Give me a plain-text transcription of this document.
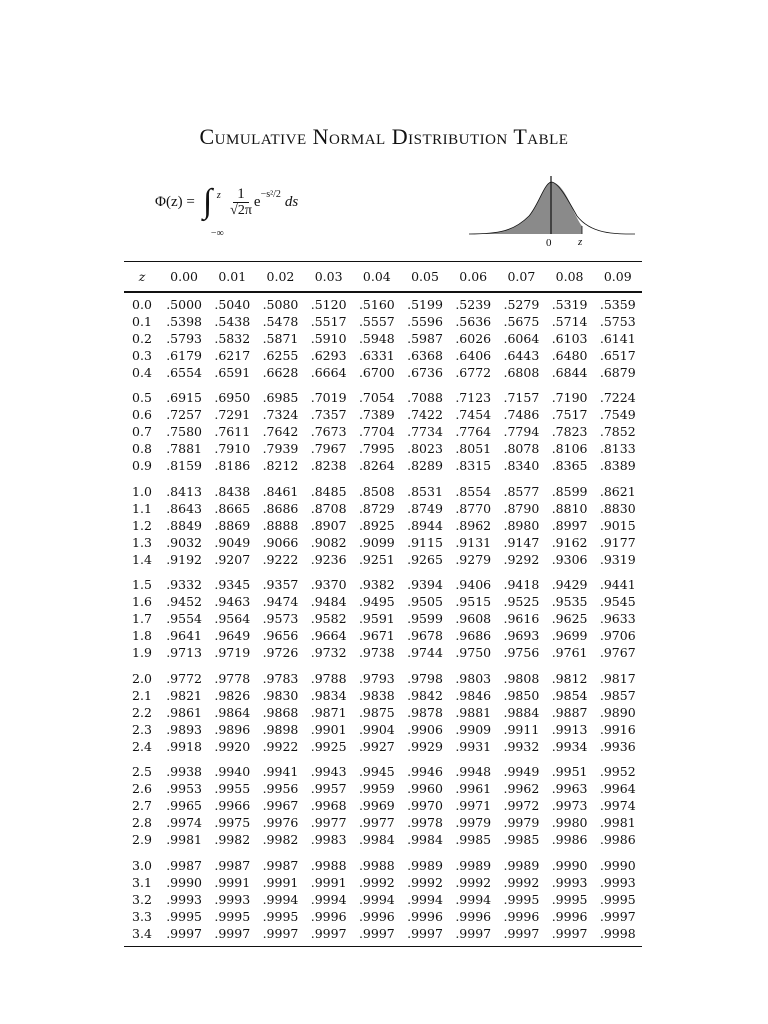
Cumulative Normal Distribution Table
Φ(z) = ∫ z
−∞
$\frac{1}{√2\pi}$ e −s²/2 ds
0 z
z	0.00	0.01	0.02	0.03	0.04	0.05	0.06	0.07	0.08	0.09
0.0	.5000 .5040 .5080 .5120 .5160 .5199 .5239 .5279 .5319 .5359
0.1	.5398 .5438 .5478 .5517 .5557 .5596 .5636 .5675 .5714 .5753
0.2	.5793 .5832 .5871 .5910 .5948 .5987 .6026 .6064 .6103 .6141
0.3	.6179 .6217 .6255 .6293 .6331 .6368 .6406 .6443 .6480 .6517
0.4	.6554 .6591 .6628 .6664 .6700 .6736 .6772 .6808 .6844 .6879
0.5	.6915 .6950 .6985 .7019 .7054 .7088 .7123 .7157 .7190 .7224
0.6	.7257 .7291 .7324 .7357 .7389 .7422 .7454 .7486 .7517 .7549
0.7	.7580 .7611 .7642 .7673 .7704 .7734 .7764 .7794 .7823 .7852
0.8	.7881 .7910 .7939 .7967 .7995 .8023 .8051 .8078 .8106 .8133
0.9	.8159 .8186 .8212 .8238 .8264 .8289 .8315 .8340 .8365 .8389
1.0	.8413 .8438 .8461 .8485 .8508 .8531 .8554 .8577 .8599 .8621
1.1	.8643 .8665 .8686 .8708 .8729 .8749 .8770 .8790 .8810 .8830
1.2	.8849 .8869 .8888 .8907 .8925 .8944 .8962 .8980 .8997 .9015
1.3	.9032 .9049 .9066 .9082 .9099 .9115 .9131 .9147 .9162 .9177
1.4	.9192 .9207 .9222 .9236 .9251 .9265 .9279 .9292 .9306 .9319
1.5	.9332 .9345 .9357 .9370 .9382 .9394 .9406 .9418 .9429 .9441
1.6	.9452 .9463 .9474 .9484 .9495 .9505 .9515 .9525 .9535 .9545
1.7	.9554 .9564 .9573 .9582 .9591 .9599 .9608 .9616 .9625 .9633
1.8	.9641 .9649 .9656 .9664 .9671 .9678 .9686 .9693 .9699 .9706
1.9	.9713 .9719 .9726 .9732 .9738 .9744 .9750 .9756 .9761 .9767
2.0	.9772 .9778 .9783 .9788 .9793 .9798 .9803 .9808 .9812 .9817
2.1	.9821 .9826 .9830 .9834 .9838 .9842 .9846 .9850 .9854 .9857
2.2	.9861 .9864 .9868 .9871 .9875 .9878 .9881 .9884 .9887 .9890
2.3	.9893 .9896 .9898 .9901 .9904 .9906 .9909 .9911 .9913 .9916
2.4	.9918 .9920 .9922 .9925 .9927 .9929 .9931 .9932 .9934 .9936
2.5	.9938 .9940 .9941 .9943 .9945 .9946 .9948 .9949 .9951 .9952
2.6	.9953 .9955 .9956 .9957 .9959 .9960 .9961 .9962 .9963 .9964
2.7	.9965 .9966 .9967 .9968 .9969 .9970 .9971 .9972 .9973 .9974
2.8	.9974 .9975 .9976 .9977 .9977 .9978 .9979 .9979 .9980 .9981
2.9	.9981 .9982 .9982 .9983 .9984 .9984 .9985 .9985 .9986 .9986
3.0	.9987 .9987 .9987 .9988 .9988 .9989 .9989 .9989 .9990 .9990
3.1	.9990 .9991 .9991 .9991 .9992 .9992 .9992 .9992 .9993 .9993
3.2	.9993 .9993 .9994 .9994 .9994 .9994 .9994 .9995 .9995 .9995
3.3	.9995 .9995 .9995 .9996 .9996 .9996 .9996 .9996 .9996 .9997
3.4	.9997 .9997 .9997 .9997 .9997 .9997 .9997 .9997 .9997 .9998
